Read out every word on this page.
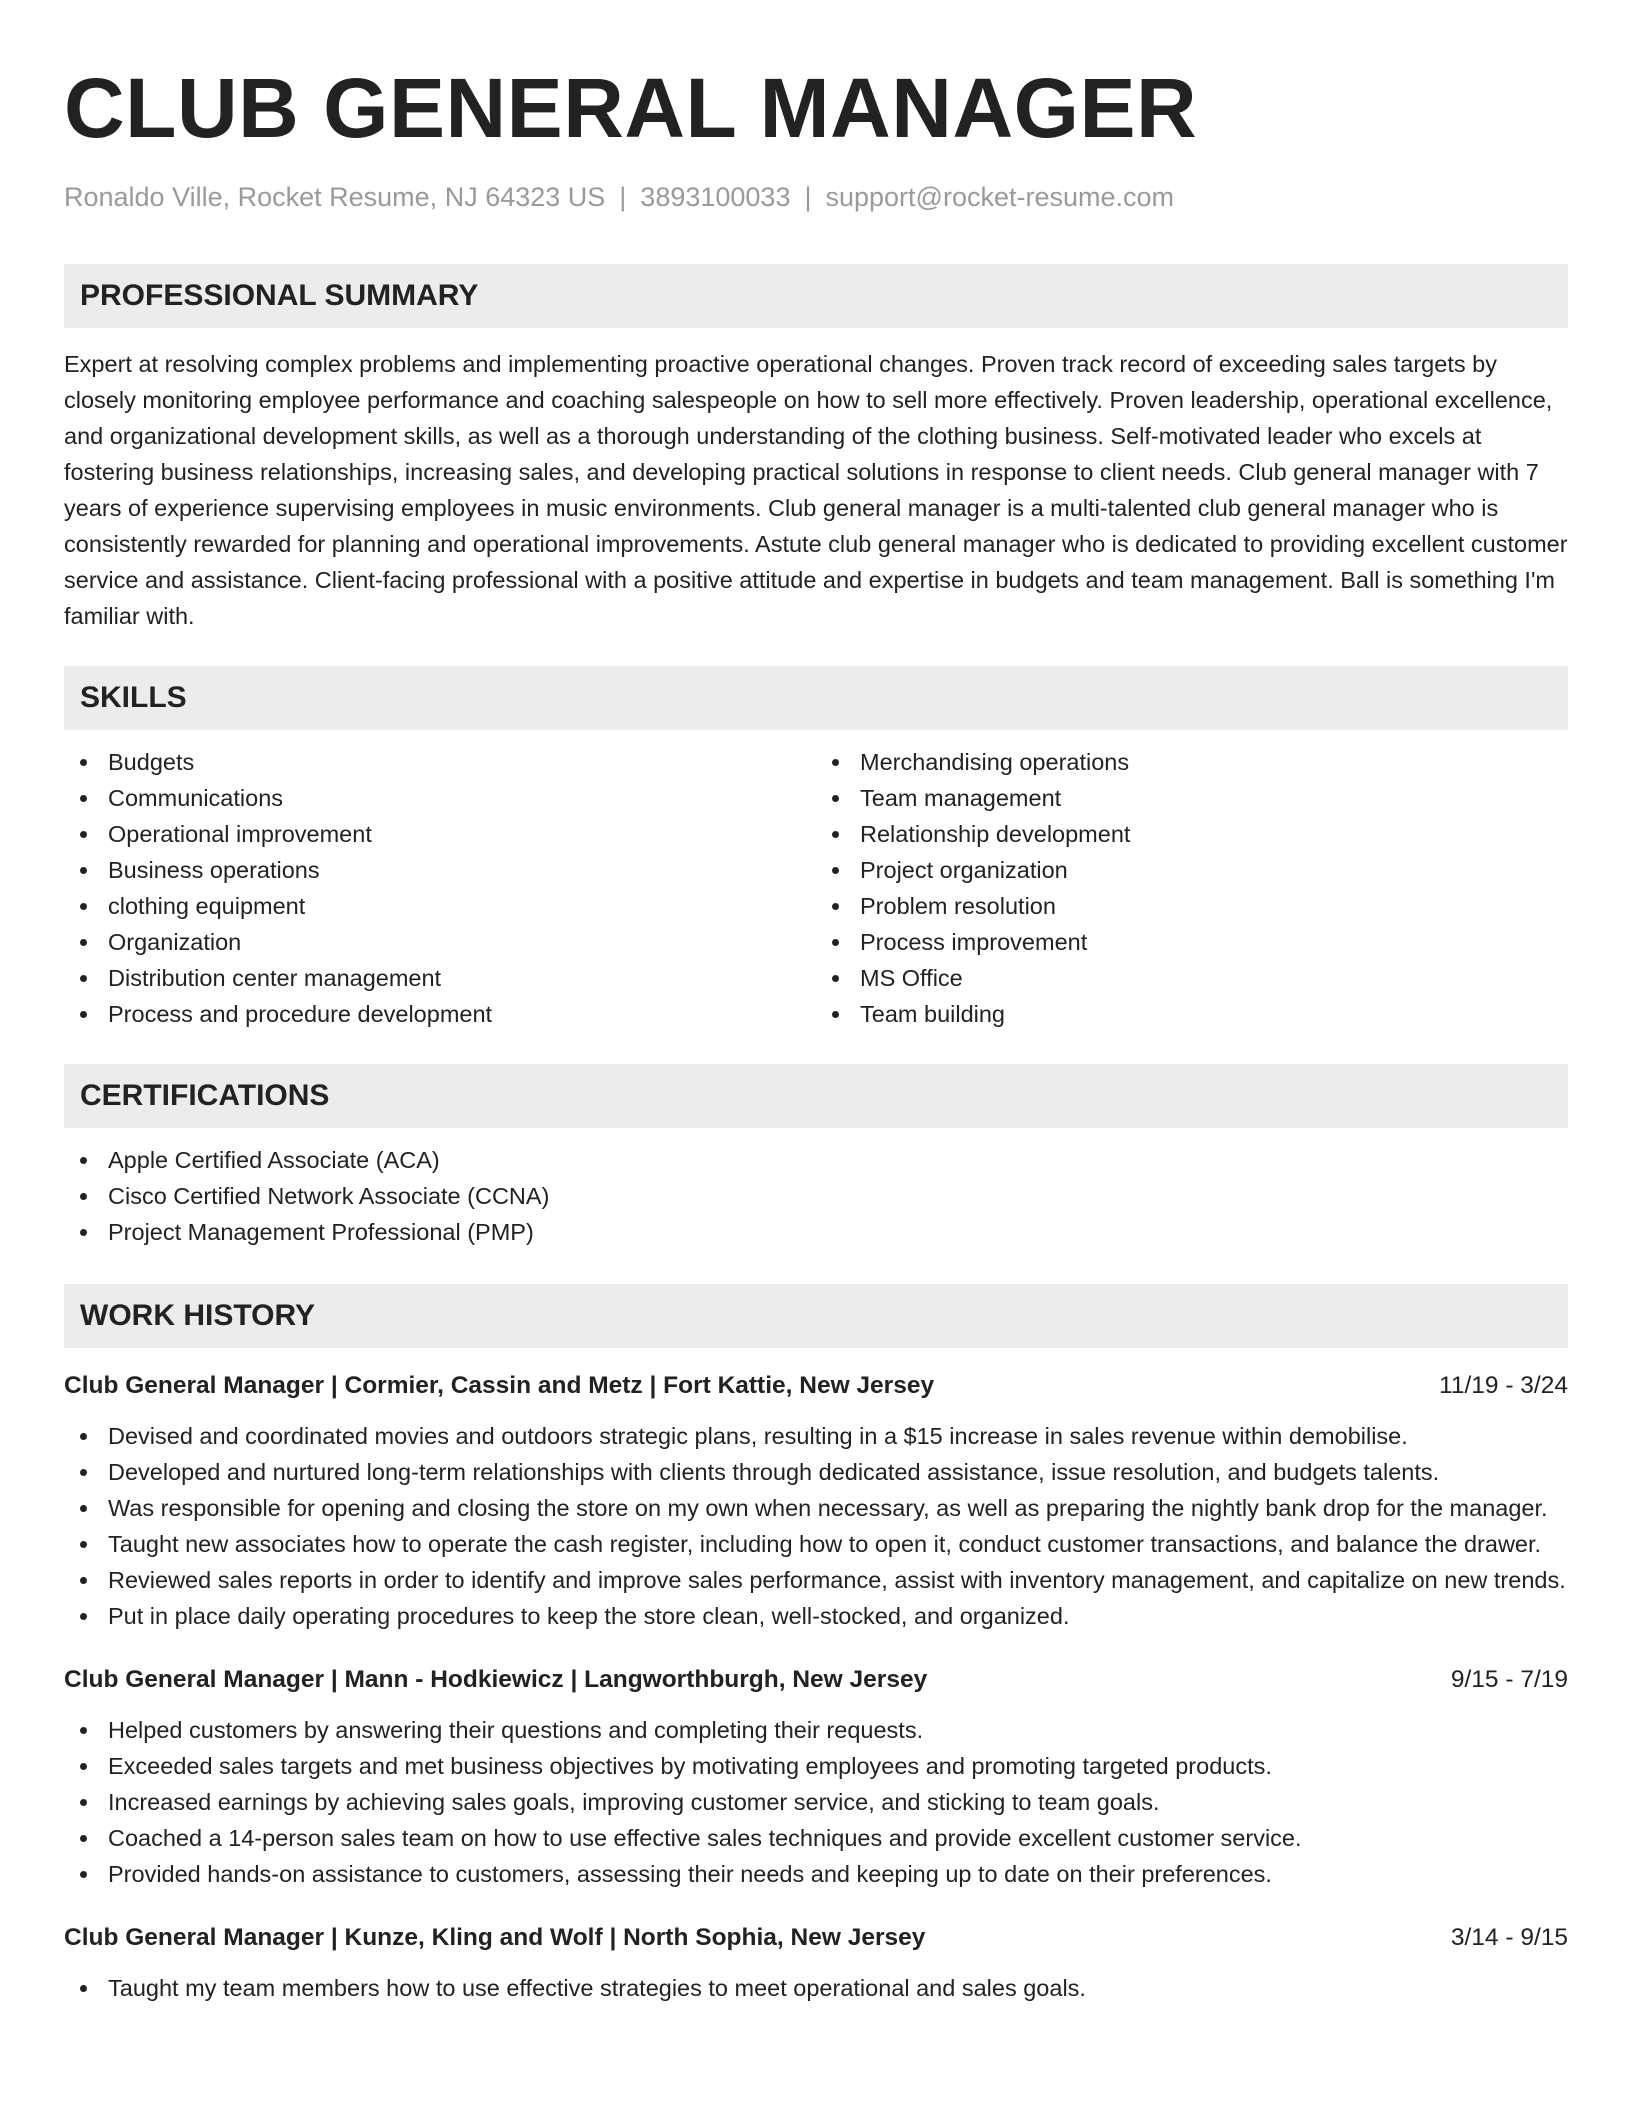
CLUB GENERAL MANAGER
Ronaldo Ville, Rocket Resume, NJ 64323 US | 3893100033 | support@rocket-resume.com
PROFESSIONAL SUMMARY

Expert at resolving complex problems and implementing proactive operational changes. Proven track record of exceeding sales targets by closely monitoring employee performance and coaching salespeople on how to sell more effectively. Proven leadership, operational excellence, and organizational development skills, as well as a thorough understanding of the clothing business. Self-motivated leader who excels at fostering business relationships, increasing sales, and developing practical solutions in response to client needs. Club general manager with 7 years of experience supervising employees in music environments. Club general manager is a multi-talented club general manager who is consistently rewarded for planning and operational improvements. Astute club general manager who is dedicated to providing excellent customer service and assistance. Client-facing professional with a positive attitude and expertise in budgets and team management. Ball is something I'm familiar with.

SKILLS
Budgets
Communications
Operational improvement
Business operations
clothing equipment
Organization
Distribution center management
Process and procedure development
Merchandising operations
Team management
Relationship development
Project organization
Problem resolution
Process improvement
MS Office
Team building
CERTIFICATIONS
Apple Certified Associate (ACA)
Cisco Certified Network Associate (CCNA)
Project Management Professional (PMP)
WORK HISTORY
Club General Manager | Cormier, Cassin and Metz | Fort Kattie, New Jersey	11/19 - 3/24
Devised and coordinated movies and outdoors strategic plans, resulting in a $15 increase in sales revenue within demobilise.
Developed and nurtured long-term relationships with clients through dedicated assistance, issue resolution, and budgets talents.
Was responsible for opening and closing the store on my own when necessary, as well as preparing the nightly bank drop for the manager.
Taught new associates how to operate the cash register, including how to open it, conduct customer transactions, and balance the drawer.
Reviewed sales reports in order to identify and improve sales performance, assist with inventory management, and capitalize on new trends.
Put in place daily operating procedures to keep the store clean, well-stocked, and organized.
Club General Manager | Mann - Hodkiewicz | Langworthburgh, New Jersey	9/15 - 7/19
Helped customers by answering their questions and completing their requests.
Exceeded sales targets and met business objectives by motivating employees and promoting targeted products.
Increased earnings by achieving sales goals, improving customer service, and sticking to team goals.
Coached a 14-person sales team on how to use effective sales techniques and provide excellent customer service.
Provided hands-on assistance to customers, assessing their needs and keeping up to date on their preferences.
Club General Manager | Kunze, Kling and Wolf | North Sophia, New Jersey	3/14 - 9/15
Taught my team members how to use effective strategies to meet operational and sales goals.
